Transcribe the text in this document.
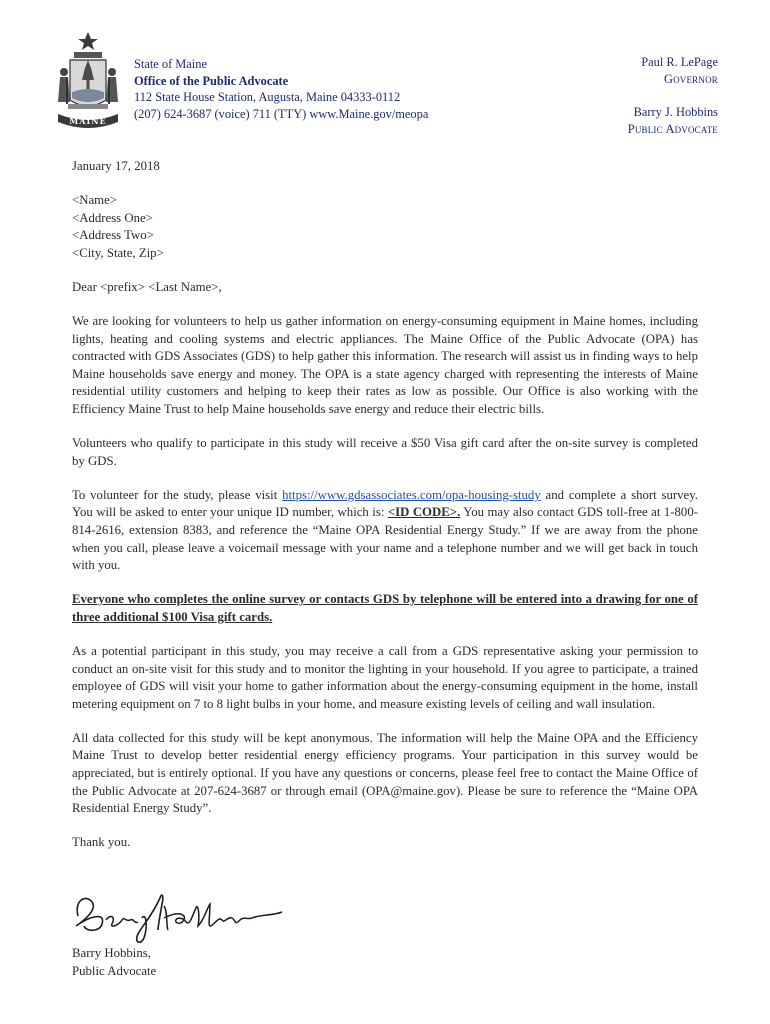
MAINE
State of Maine
Office of the Public Advocate
112 State House Station, Augusta, Maine 04333-0112
(207) 624-3687 (voice) 711 (TTY) www.Maine.gov/meopa
Paul R. LePage
Governor
Barry J. Hobbins
Public Advocate

January 17, 2018

<Name>
<Address One>
<Address Two>
<City, State, Zip>

Dear <prefix> <Last Name>,

We are looking for volunteers to help us gather information on energy-consuming equipment in Maine homes, including lights, heating and cooling systems and electric appliances. The Maine Office of the Public Advocate (OPA) has contracted with GDS Associates (GDS) to help gather this information. The research will assist us in finding ways to help Maine households save energy and money. The OPA is a state agency charged with representing the interests of Maine residential utility customers and helping to keep their rates as low as possible. Our Office is also working with the Efficiency Maine Trust to help Maine households save energy and reduce their electric bills.

Volunteers who qualify to participate in this study will receive a $50 Visa gift card after the on-site survey is completed by GDS.

To volunteer for the study, please visit https://www.gdsassociates.com/opa-housing-study and complete a short survey. You will be asked to enter your unique ID number, which is: <ID CODE>. You may also contact GDS toll-free at 1-800-814-2616, extension 8383, and reference the “Maine OPA Residential Energy Study.” If we are away from the phone when you call, please leave a voicemail message with your name and a telephone number and we will get back in touch with you.

Everyone who completes the online survey or contacts GDS by telephone will be entered into a drawing for one of three additional $100 Visa gift cards.

As a potential participant in this study, you may receive a call from a GDS representative asking your permission to conduct an on-site visit for this study and to monitor the lighting in your household. If you agree to participate, a trained employee of GDS will visit your home to gather information about the energy-consuming equipment in the home, install metering equipment on 7 to 8 light bulbs in your home, and measure existing levels of ceiling and wall insulation.

All data collected for this study will be kept anonymous. The information will help the Maine OPA and the Efficiency Maine Trust to develop better residential energy efficiency programs. Your participation in this survey would be appreciated, but is entirely optional. If you have any questions or concerns, please feel free to contact the Maine Office of the Public Advocate at 207-624-3687 or through email (OPA@maine.gov). Please be sure to reference the “Maine OPA Residential Energy Study”.

Thank you.

Barry J. Hobbins
Barry Hobbins,
Public Advocate
